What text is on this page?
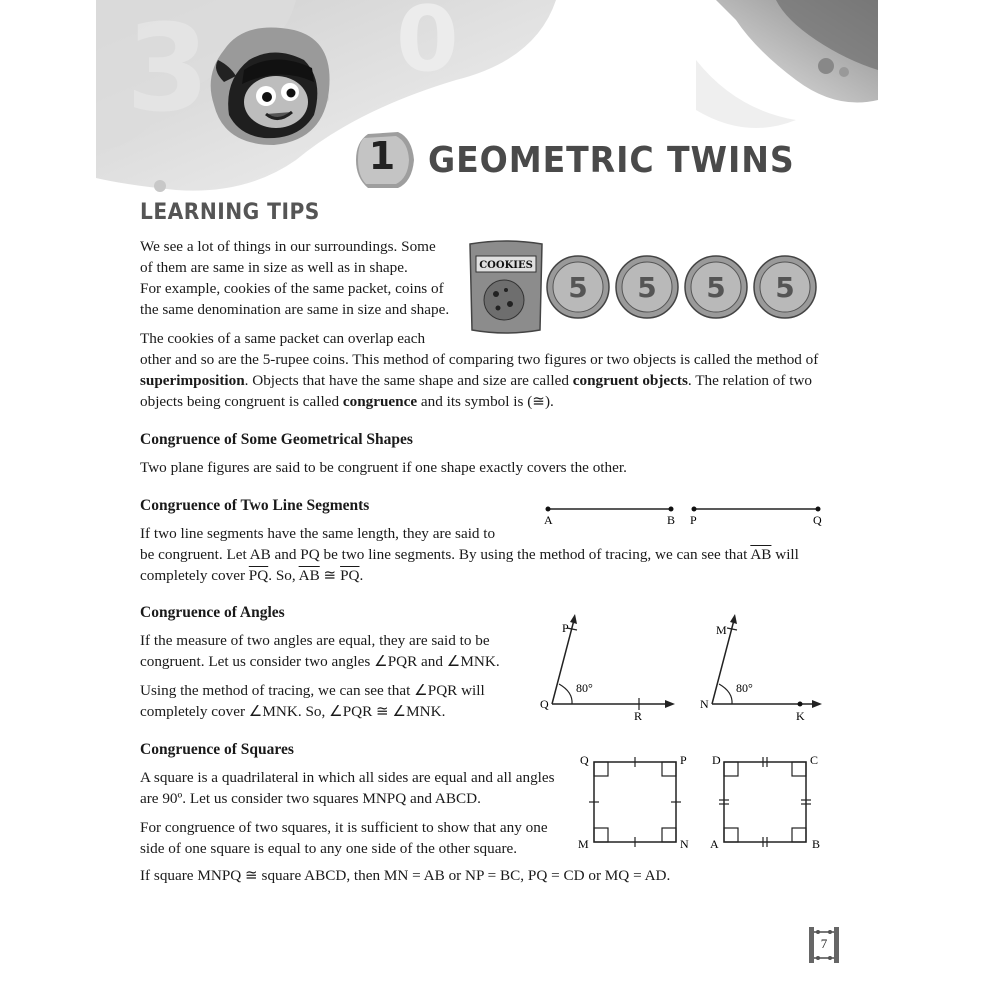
3 0
1 GEOMETRIC TWINS
LEARNING TIPS
We see a lot of things in our surroundings. Some
of them are same in size as well as in shape.
For example, cookies of the same packet, coins of
the same denomination are same in size and shape.
COOKIES
5 5 5 5
The cookies of a same packet can overlap each
other and so are the 5-rupee coins. This method of comparing two figures or two objects is called the method of
superimposition. Objects that have the same shape and size are called congruent objects. The relation of two
objects being congruent is called congruence and its symbol is (≅).
Congruence of Some Geometrical Shapes
Two plane figures are said to be congruent if one shape exactly covers the other.
Congruence of Two Line Segments
A	B P	Q
If two line segments have the same length, they are said to
be congruent. Let AB and PQ be two line segments. By using the method of tracing, we can see that $\overline{AB}$ will
completely cover $\overline{PQ}$. So, $\overline{AB}$ ≅ $\overline{PQ}$.
Congruence of Angles
If the measure of two angles are equal, they are said to be
congruent. Let us consider two angles ∠PQR and ∠MNK.
Using the method of tracing, we can see that ∠PQR will
completely cover ∠MNK. So, ∠PQR ≅ ∠MNK.
80°
P
Q
R
80°
M
N
K
Congruence of Squares
A square is a quadrilateral in which all sides are equal and all angles
are 90º. Let us consider two squares MNPQ and ABCD.
For congruence of two squares, it is sufficient to show that any one
side of one square is equal to any one side of the other square.
If square MNPQ ≅ square ABCD, then MN = AB or NP = BC, PQ = CD or MQ = AD.
Q	P
M	N
D	C
A	B
7
